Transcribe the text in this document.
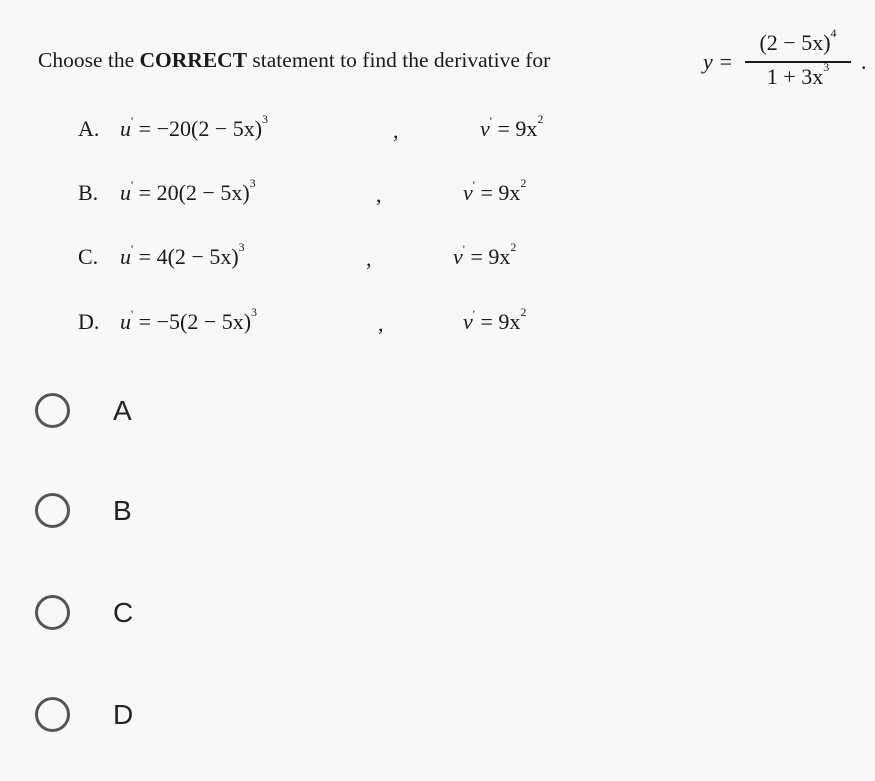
Choose the CORRECT statement to find the derivative for	y =
$(2 - 5x)^4$
$1 + 3x^3$	.
A. $u' = -20(2 - 5x)^3$	,	$v' = 9x^2$
B. $u' = 20(2 - 5x)^3$	,	$v' = 9x^2$
C. $u' = 4(2 - 5x)^3$	,	$v' = 9x^2$
D. $u' = -5(2 - 5x)^3$	,	$v' = 9x^2$
A
B
C
D
